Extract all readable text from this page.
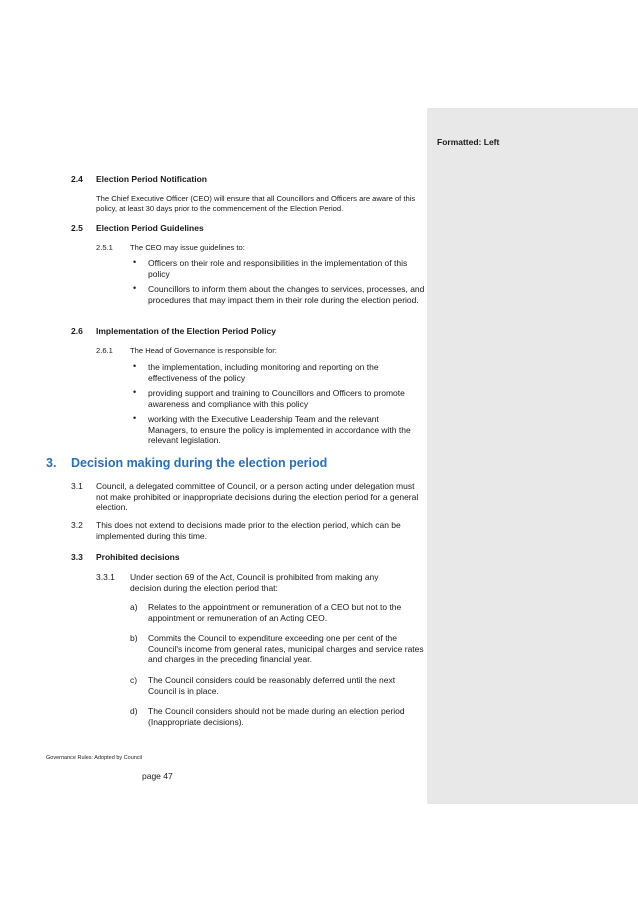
Formatted: Left
2.4 Election Period Notification
The Chief Executive Officer (CEO) will ensure that all Councillors and Officers are aware of this policy, at least 30 days prior to the commencement of the Election Period.
2.5 Election Period Guidelines
2.5.1 The CEO may issue guidelines to:
• Officers on their role and responsibilities in the implementation of this policy
• Councillors to inform them about the changes to services, processes, and procedures that may impact them in their role during the election period.
2.6 Implementation of the Election Period Policy
2.6.1 The Head of Governance is responsible for:
• the implementation, including monitoring and reporting on the effectiveness of the policy
• providing support and training to Councillors and Officers to promote awareness and compliance with this policy
• working with the Executive Leadership Team and the relevant Managers, to ensure the policy is implemented in accordance with the relevant legislation.
3. Decision making during the election period
3.1 Council, a delegated committee of Council, or a person acting under delegation must not make prohibited or inappropriate decisions during the election period for a general election.
3.2 This does not extend to decisions made prior to the election period, which can be implemented during this time.
3.3 Prohibited decisions
3.3.1 Under section 69 of the Act, Council is prohibited from making any decision during the election period that:
a) Relates to the appointment or remuneration of a CEO but not to the appointment or remuneration of an Acting CEO.
b) Commits the Council to expenditure exceeding one per cent of the Council's income from general rates, municipal charges and service rates and charges in the preceding financial year.
c) The Council considers could be reasonably deferred until the next Council is in place.
d) The Council considers should not be made during an election period (Inappropriate decisions).
Governance Rules: Adopted by Council
page 47
